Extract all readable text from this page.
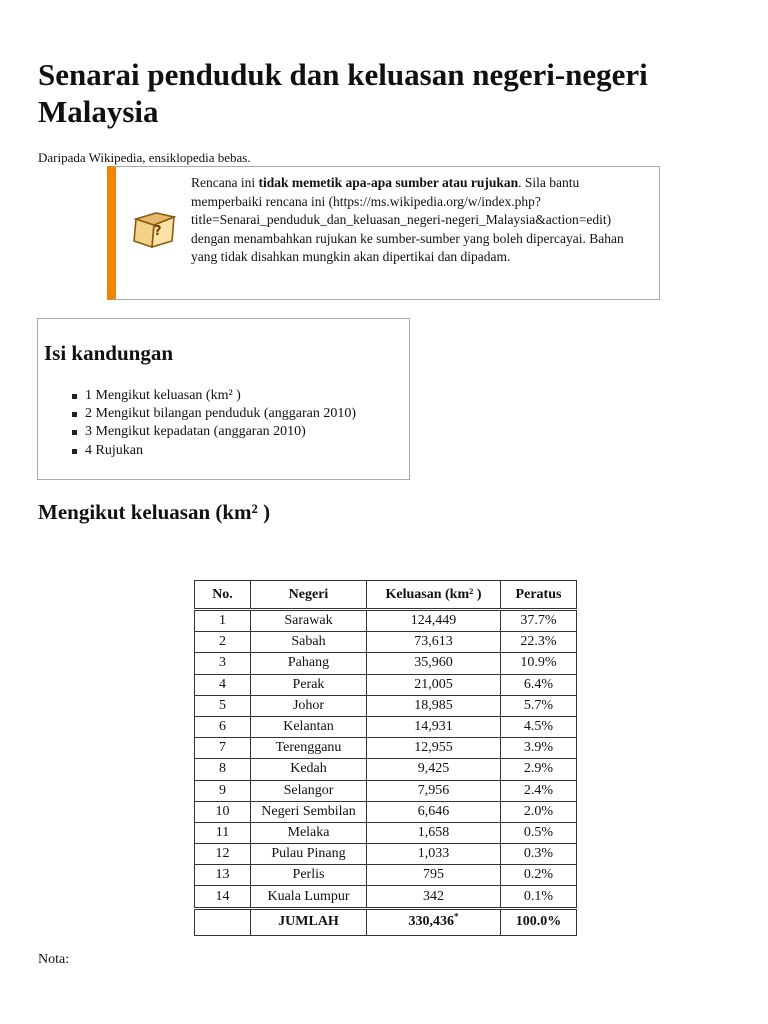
Senarai penduduk dan keluasan negeri-negeri Malaysia
Daripada Wikipedia, ensiklopedia bebas.
?
Rencana ini tidak memetik apa-apa sumber atau rujukan. Sila bantu memperbaiki rencana ini (https://ms.wikipedia.org/w/index.php?title=Senarai_penduduk_dan_keluasan_negeri-negeri_Malaysia&action=edit) dengan menambahkan rujukan ke sumber-sumber yang boleh dipercayai. Bahan yang tidak disahkan mungkin akan dipertikai dan dipadam.
Isi kandungan
1 Mengikut keluasan (km² )
2 Mengikut bilangan penduduk (anggaran 2010)
3 Mengikut kepadatan (anggaran 2010)
4 Rujukan
Mengikut keluasan (km² )
No.	Negeri	Keluasan (km² )	Peratus
1	Sarawak	124,449	37.7%
2	Sabah	73,613	22.3%
3	Pahang	35,960	10.9%
4	Perak	21,005	6.4%
5	Johor	18,985	5.7%
6	Kelantan	14,931	4.5%
7	Terengganu	12,955	3.9%
8	Kedah	9,425	2.9%
9	Selangor	7,956	2.4%
10	Negeri Sembilan	6,646	2.0%
11	Melaka	1,658	0.5%
12	Pulau Pinang	1,033	0.3%
13	Perlis	795	0.2%
14	Kuala Lumpur	342	0.1%
	JUMLAH	330,436*	100.0%
Nota:
